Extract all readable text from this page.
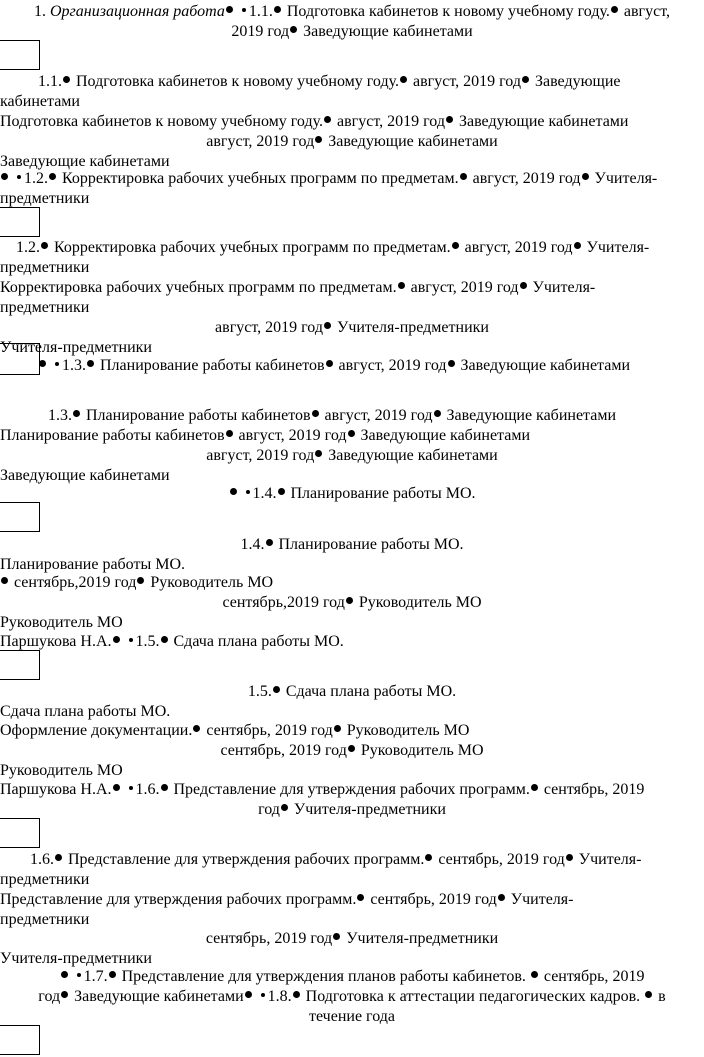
1. Организационная работа 1.1. Подготовка кабинетов к новому учебному году. август,
2019 год Заведующие кабинетами
1.1. Подготовка кабинетов к новому учебному году. август, 2019 год Заведующие
кабинетами
Подготовка кабинетов к новому учебному году. август, 2019 год Заведующие кабинетами
август, 2019 год Заведующие кабинетами
Заведующие кабинетами
1.2. Корректировка рабочих учебных программ по предметам. август, 2019 год Учителя-
предметники
1.2. Корректировка рабочих учебных программ по предметам. август, 2019 год Учителя-
предметники
Корректировка рабочих учебных программ по предметам. август, 2019 год Учителя-
предметники
август, 2019 год Учителя-предметники
Учителя-предметники
1.3. Планирование работы кабинетов август, 2019 год Заведующие кабинетами
1.3. Планирование работы кабинетов август, 2019 год Заведующие кабинетами
Планирование работы кабинетов август, 2019 год Заведующие кабинетами
август, 2019 год Заведующие кабинетами
Заведующие кабинетами
1.4. Планирование работы МО.
1.4. Планирование работы МО.
Планирование работы МО.
сентябрь,2019 год Руководитель МО
сентябрь,2019 год Руководитель МО
Руководитель МО
Паршукова Н.А. 1.5. Сдача плана работы МО.
1.5. Сдача плана работы МО.
Сдача плана работы МО.
Оформление документации. сентябрь, 2019 год Руководитель МО
сентябрь, 2019 год Руководитель МО
Руководитель МО
Паршукова Н.А. 1.6. Представление для утверждения рабочих программ. сентябрь, 2019
год Учителя-предметники
1.6. Представление для утверждения рабочих программ. сентябрь, 2019 год Учителя-
предметники
Представление для утверждения рабочих программ. сентябрь, 2019 год Учителя-
предметники
сентябрь, 2019 год Учителя-предметники
Учителя-предметники
1.7. Представление для утверждения планов работы кабинетов. сентябрь, 2019
год Заведующие кабинетами 1.8. Подготовка к аттестации педагогических кадров. в
течение года
